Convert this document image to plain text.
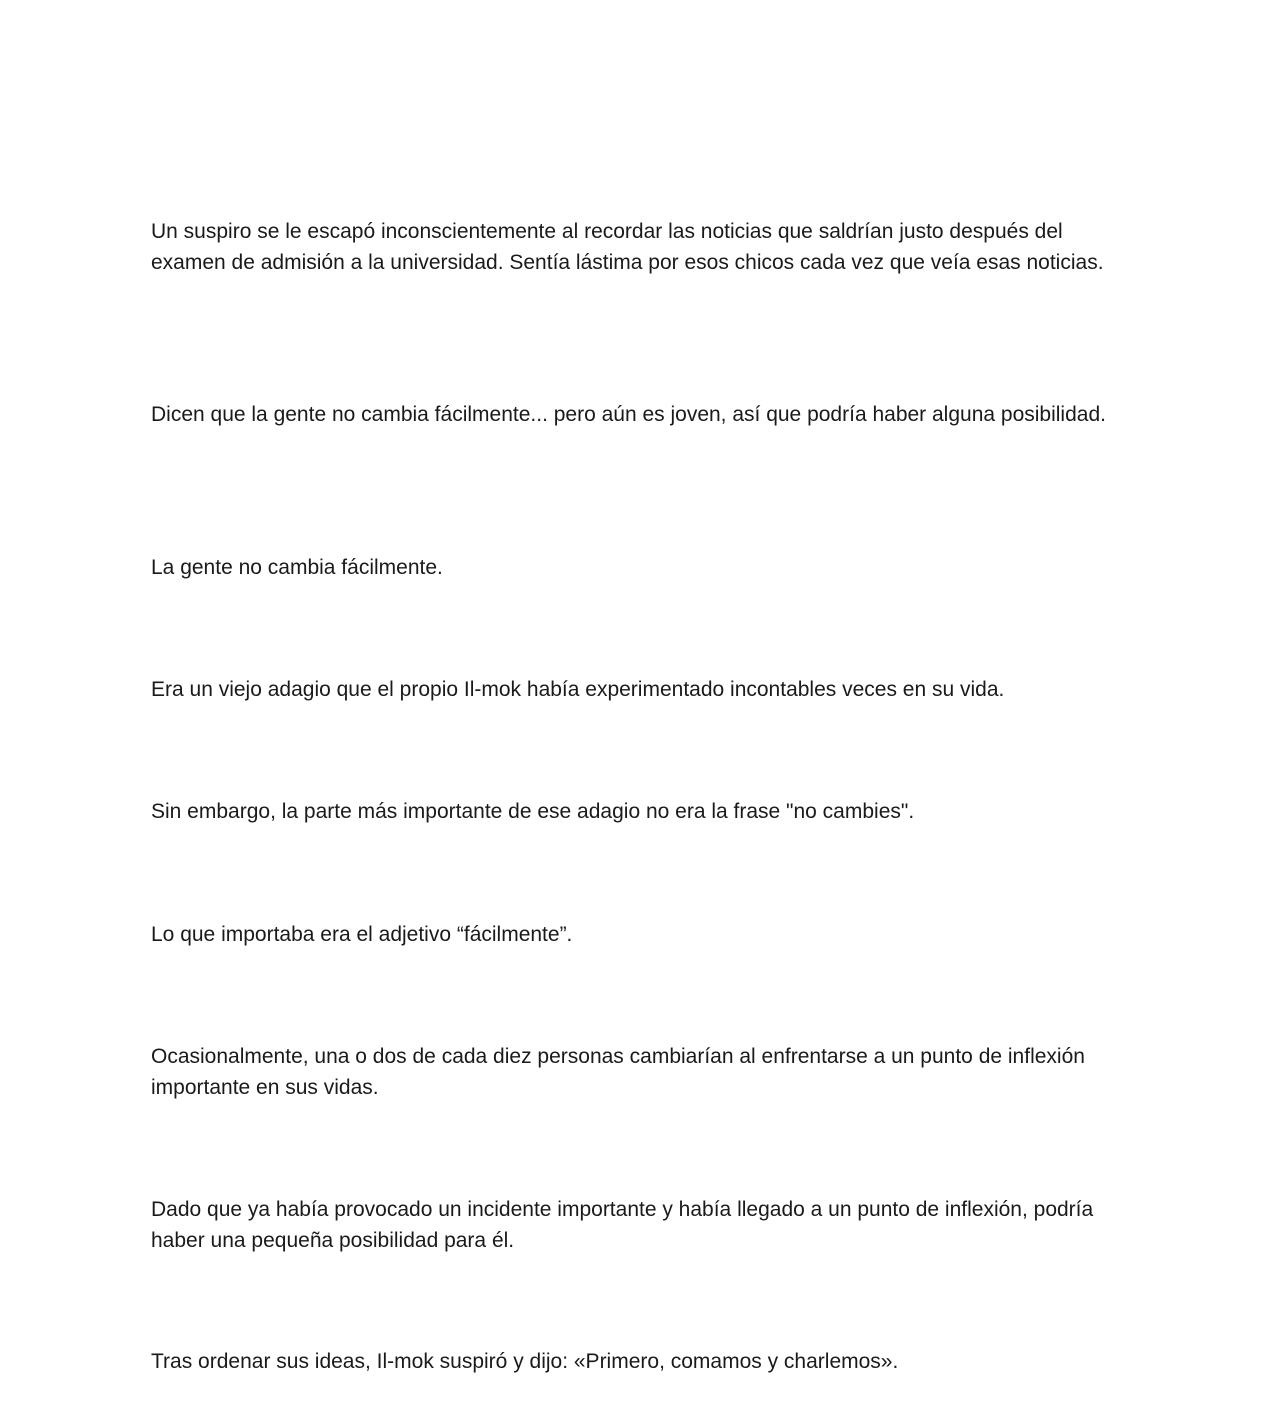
Un suspiro se le escapó inconscientemente al recordar las noticias que saldrían justo después del examen de admisión a la universidad. Sentía lástima por esos chicos cada vez que veía esas noticias.

Dicen que la gente no cambia fácilmente... pero aún es joven, así que podría haber alguna posibilidad.

La gente no cambia fácilmente.

Era un viejo adagio que el propio Il-mok había experimentado incontables veces en su vida.

Sin embargo, la parte más importante de ese adagio no era la frase "no cambies".

Lo que importaba era el adjetivo “fácilmente”.

Ocasionalmente, una o dos de cada diez personas cambiarían al enfrentarse a un punto de inflexión importante en sus vidas.

Dado que ya había provocado un incidente importante y había llegado a un punto de inflexión, podría haber una pequeña posibilidad para él.

Tras ordenar sus ideas, Il-mok suspiró y dijo: «Primero, comamos y charlemos».
